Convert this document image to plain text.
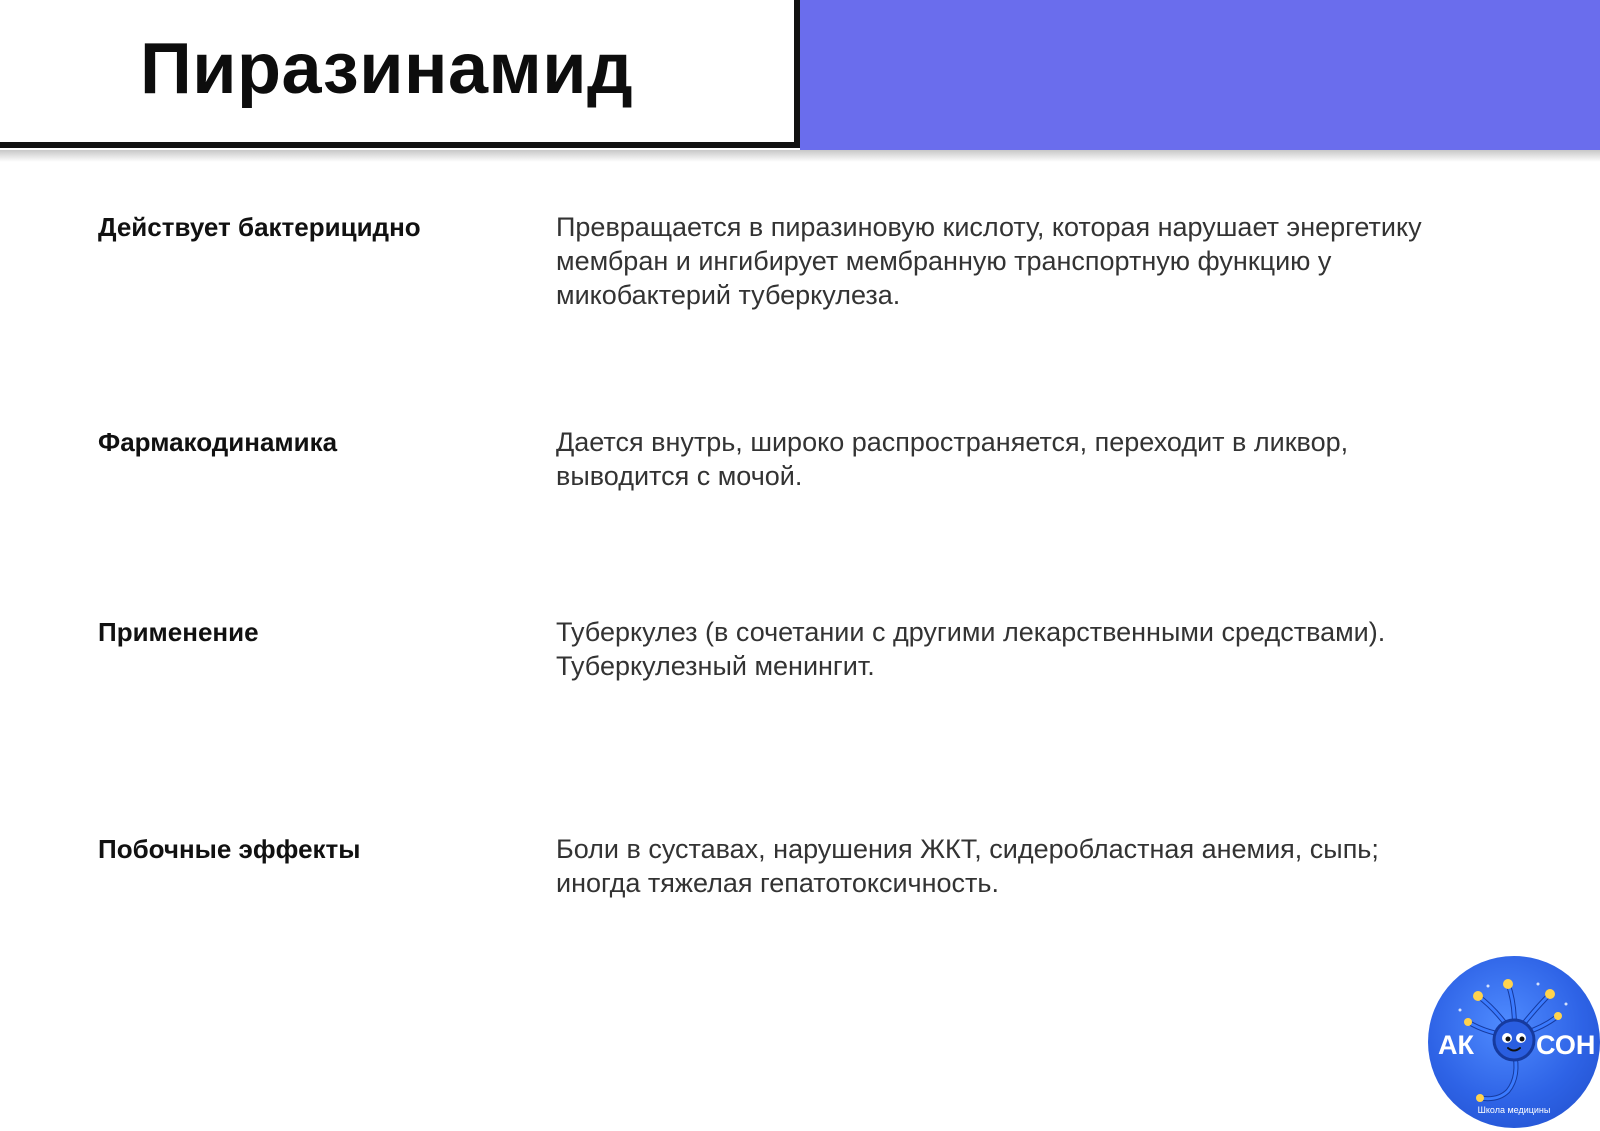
Пиразинамид
Действует бактерицидно	Превращается в пиразиновую кислоту, которая нарушает энергетику мембран и ингибирует мембранную транспортную функцию у микобактерий туберкулеза.
Фармакодинамика	Дается внутрь, широко распространяется, переходит в ликвор, выводится с мочой.
Применение	Туберкулез (в сочетании с другими лекарственными средствами). Туберкулезный менингит.
Побочные эффекты	Боли в суставах, нарушения ЖКТ, сидеробластная анемия, сыпь; иногда тяжелая гепатотоксичность.
АК СОН
Школа медицины
